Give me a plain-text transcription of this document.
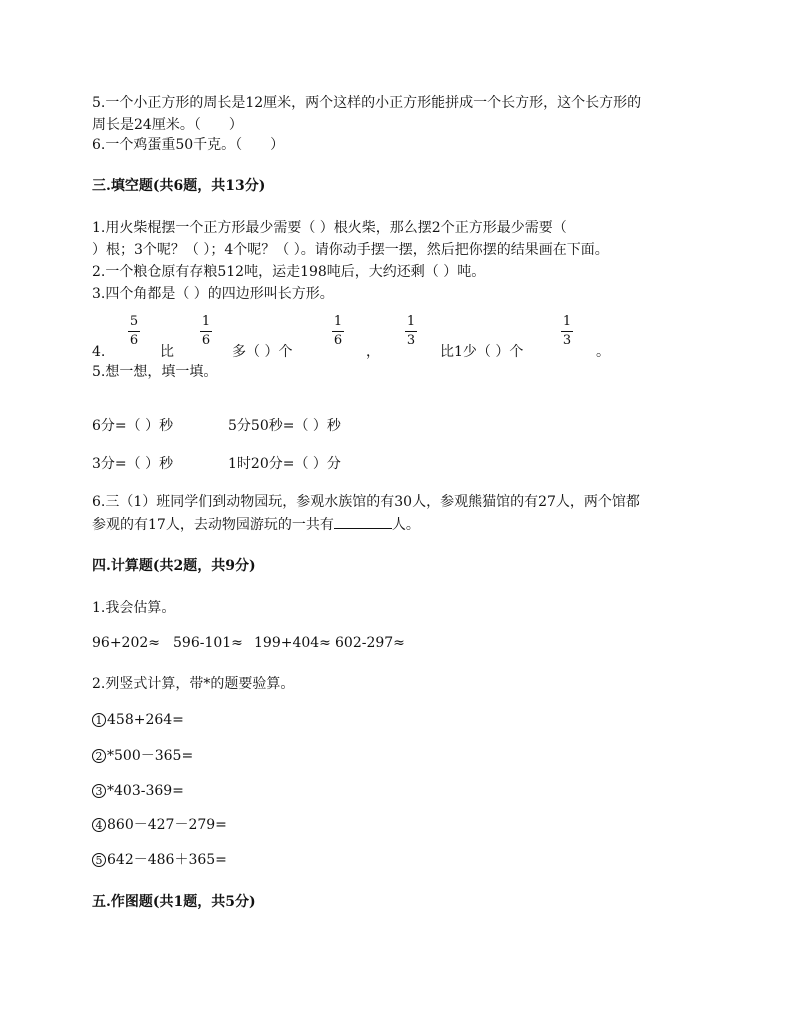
5.一个小正方形的周长是12厘米，两个这样的小正方形能拼成一个长方形，这个长方形的
周长是24厘米。（　　）
6.一个鸡蛋重50千克。（　　）
三.填空题(共6题，共13分)
1.用火柴棍摆一个正方形最少需要（ ）根火柴，那么摆2个正方形最少需要（
）根；3个呢？（ ）；4个呢？（ ）。请你动手摆一摆，然后把你摆的结果画在下面。
2.一个粮仓原有存粮512吨，运走198吨后，大约还剩（ ）吨。
3.四个角都是（ ）的四边形叫长方形。
5
6
1
6
1
6
1
3
1
3
4.	比	多（ ）个	，	比1少（ ）个	。
5.想一想，填一填。
6分=（ ）秒	5分50秒=（ ）秒
3分=（ ）秒	1时20分=（ ）分
6.三（1）班同学们到动物园玩，参观水族馆的有30人，参观熊猫馆的有27人，两个馆都
参观的有17人，去动物园游玩的一共有	人。
四.计算题(共2题，共9分)
1.我会估算。
96+202≈ 596-101≈ 199+404≈ 602-297≈
2.列竖式计算，带*的题要验算。
1 458+264=
2 *500－365=
3 *403-369=
4 860－427－279=
5 642－486＋365=
五.作图题(共1题，共5分)
